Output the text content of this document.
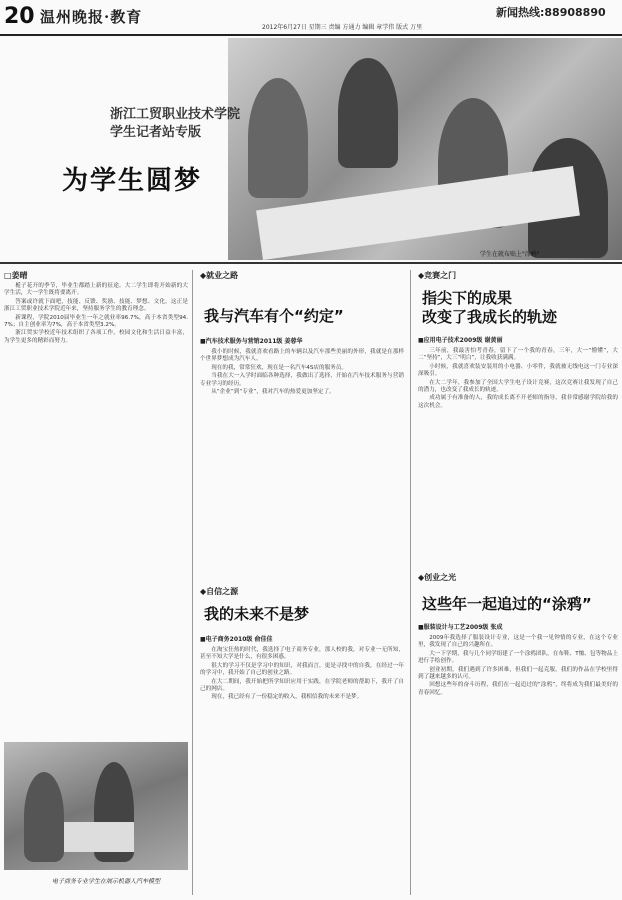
20 温州晚报·教育
2012年6月27日 星期三 责编 方通力 编辑 章学伟 版式 万里
新闻热线:88908890
学生在就布贴上"涂鸦"
浙江工贸职业技术学院
学生记者站专版
为学生圆梦
□姜晴

栀子花开的季节，毕业生都踏上新的征途。大二学生即将开始新的大学生活，大一学生既将要离开。

答案或许就下面吧，技能、反馈、奖励、技能、梦想、文化。这正是浙江工贸职业技术学院近年来，坚持服务学生的教育理念。

新课程，学院2010届毕业生一年之就业率96.7%，高于本省类型94.7%；自主创业率为7%，高于本省类型3.2%。

浙江贸实学校近年技术组织了各项工作，校园文化和生活日益丰富，为学生更多的精彩而努力。

电子商务专业学生在展示机器人汽车模型
◆就业之路
我与汽车有个“约定”
■汽车技术服务与营销2011级 姜蓉华

我小的时候，我就喜欢看路上的车辆以及汽车那些美丽的外形，我就是在那样个世界梦想成为汽车人。

现在的我，常常狂欢，现在是一名汽车4S店的服务员。

当我在大一入学时面临各种选择，我做出了选择，开始在汽车技术服务与营销专业学习的经历。

从“企业”到“专业”，我对汽车的热爱更加坚定了。

◆自信之源
我的未来不是梦
■电子商务2010级 俞佳佳

在淘宝狂热的时代，我选择了电子商务专业，那人校的我，对专业一无所知，甚至不知大学是什么，有很多困惑。

很大的学习不仅是学习中的知识，对我而言，更是寻找中的自我，在经过一年的学习中，我开始了自己的创业之路。

在大二期间，我开始把所学知识应用于实践，在学院老师的帮助下，我开了自己的网店。

现在，我已经有了一份稳定的收入，我相信我的未来不是梦。

◆竞赛之门
指尖下的成果
改变了我成长的轨迹
■应用电子技术2009级 谢黄丽

三年前，我最害怕考青春，留下了一个我的青春，三年，大一“懵懂”，大二“坚持”，大三“明白”，让我收获满满。

小时候，我就喜欢装安装用的小电器、小零件，我就被无线电这一门专业深深吸引。

在大二学年，我参加了全国大学生电子设计竞赛，这次竞赛让我发现了自己的潜力，也改变了我成长的轨迹。

成功属于有准备的人，我的成长离不开老师的指导，我非常感谢学院给我的这次机会。

◆创业之光
这些年一起追过的“涂鸦”
■服装设计与工艺2009级 张成

2009年我选择了服装设计专业，这是一个我一见钟情的专业，在这个专业里，我发现了自己的兴趣所在。

大一下学期，我与几个同学组建了一个涂鸦团队，在布鞋、T恤、包等物品上进行手绘创作。

创业初期，我们遇到了许多困难，但我们一起克服，我们的作品在学校里得到了越来越多的认可。

回想这些年的奋斗历程，我们在一起追过的“涂鸦”，终将成为我们最美好的青春回忆。
